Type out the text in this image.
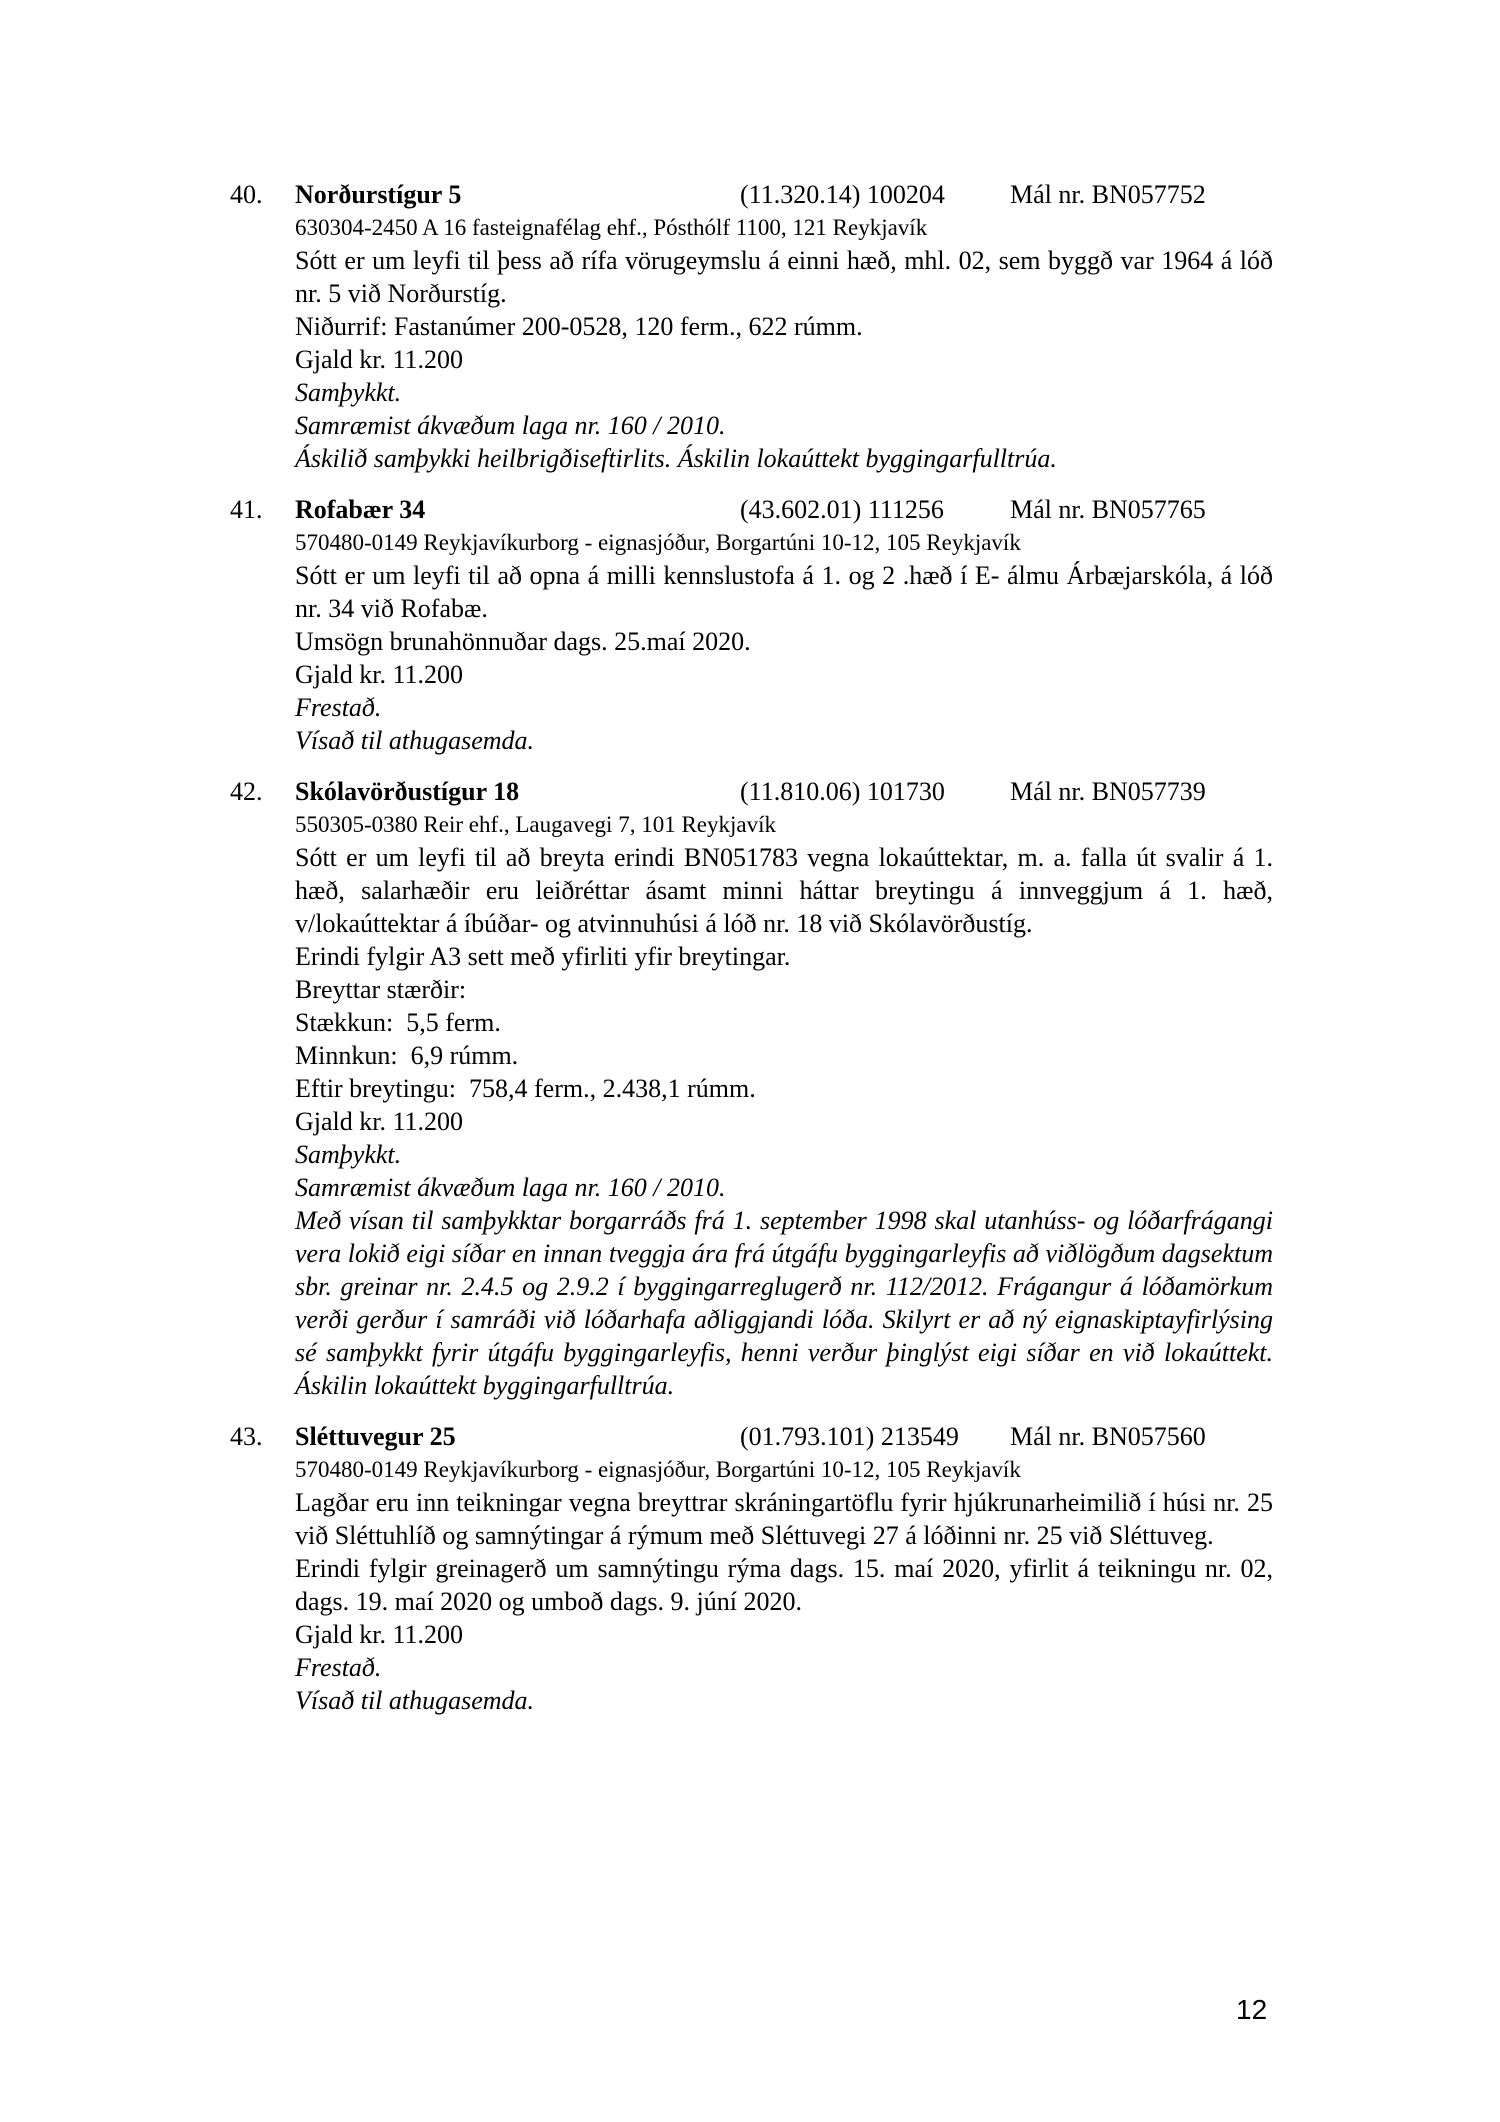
40.	Norðurstígur 5	(11.320.14) 100204	Mál nr. BN057752
630304-2450 A 16 fasteignafélag ehf., Pósthólf 1100, 121 Reykjavík

Sótt er um leyfi til þess að rífa vörugeymslu á einni hæð, mhl. 02, sem byggð var 1964 á lóð nr. 5 við Norðurstíg.

Niðurrif: Fastanúmer 200-0528, 120 ferm., 622 rúmm.

Gjald kr. 11.200

Samþykkt.

Samræmist ákvæðum laga nr. 160 / 2010.

Áskilið samþykki heilbrigðiseftirlits. Áskilin lokaúttekt byggingarfulltrúa.

41.	Rofabær 34	(43.602.01) 111256	Mál nr. BN057765
570480-0149 Reykjavíkurborg - eignasjóður, Borgartúni 10-12, 105 Reykjavík

Sótt er um leyfi til að opna á milli kennslustofa á 1. og 2 .hæð í E- álmu Árbæjarskóla, á lóð nr. 34 við Rofabæ.

Umsögn brunahönnuðar dags. 25.maí 2020.

Gjald kr. 11.200

Frestað.

Vísað til athugasemda.

42.	Skólavörðustígur 18	(11.810.06) 101730	Mál nr. BN057739
550305-0380 Reir ehf., Laugavegi 7, 101 Reykjavík

Sótt er um leyfi til að breyta erindi BN051783 vegna lokaúttektar, m. a. falla út svalir á 1. hæð, salarhæðir eru leiðréttar ásamt minni háttar breytingu á innveggjum á 1. hæð, v/lokaúttektar á íbúðar- og atvinnuhúsi á lóð nr. 18 við Skólavörðustíg.

Erindi fylgir A3 sett með yfirliti yfir breytingar.

Breyttar stærðir:

Stækkun:  5,5 ferm.

Minnkun:  6,9 rúmm.

Eftir breytingu:  758,4 ferm., 2.438,1 rúmm.

Gjald kr. 11.200

Samþykkt.

Samræmist ákvæðum laga nr. 160 / 2010.

Með vísan til samþykktar borgarráðs frá 1. september 1998 skal utanhúss- og lóðarfrágangi vera lokið eigi síðar en innan tveggja ára frá útgáfu byggingarleyfis að viðlögðum dagsektum sbr. greinar nr. 2.4.5 og 2.9.2 í byggingarreglugerð nr. 112/2012. Frágangur á lóðamörkum verði gerður í samráði við lóðarhafa aðliggjandi lóða. Skilyrt er að ný eignaskiptayfirlýsing sé samþykkt fyrir útgáfu byggingarleyfis, henni verður þinglýst eigi síðar en við lokaúttekt. Áskilin lokaúttekt byggingarfulltrúa.

43.	Sléttuvegur 25	(01.793.101) 213549	Mál nr. BN057560
570480-0149 Reykjavíkurborg - eignasjóður, Borgartúni 10-12, 105 Reykjavík

Lagðar eru inn teikningar vegna breyttrar skráningartöflu fyrir hjúkrunarheimilið í húsi nr. 25 við Sléttuhlíð og samnýtingar á rýmum með Sléttuvegi 27 á lóðinni nr. 25 við Sléttuveg.

Erindi fylgir greinagerð um samnýtingu rýma dags. 15. maí 2020, yfirlit á teikningu nr. 02, dags. 19. maí 2020 og umboð dags. 9. júní 2020.

Gjald kr. 11.200

Frestað.

Vísað til athugasemda.

12
